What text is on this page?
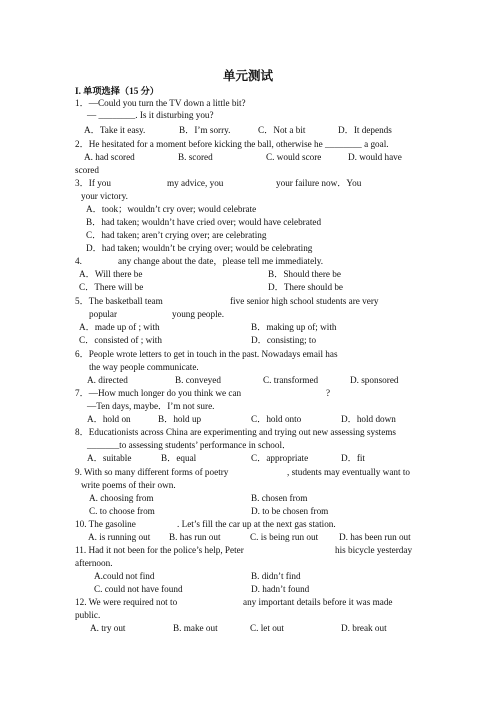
单元测试
I. 单项选择（15 分）
1．—Could you turn the TV down a little bit?
— ________. Is it disturbing you?
A．Take it easy.	B．I’m sorry.	C．Not a bit	D．It depends
2．He hesitated for a moment before kicking the ball, otherwise he ________ a goal.
A. had scored	B. scored	C. would score	D. would have
scored
3．If you	my advice, you	your failure now．You
your victory.
A．took；wouldn’t cry over; would celebrate
B．had taken; wouldn’t have cried over; would have celebrated
C．had taken; aren’t crying over; are celebrating
D．had taken; wouldn’t be crying over; would be celebrating
4.	any change about the date，please tell me immediately.
A．Will there be	B．Should there be
C．There will be	D．There should be
5．The basketball team	five senior high school students are very
popular	young people.
A．made up of ; with	B．making up of; with
C．consisted of ; with	D．consisting; to
6．People wrote letters to get in touch in the past. Nowadays email has
the way people communicate.
A. directed	B. conveyed	C. transformed	D. sponsored
7．—How much longer do you think we can	?
—Ten days, maybe．I’m not sure.
A．hold on	B．hold up	C．hold onto	D．hold down
8．Educationists across China are experimenting and trying out new assessing systems
_______to assessing students’ performance in school．
A．suitable	B．equal	C．appropriate	D．fit
9. With so many different forms of poetry	, students may eventually want to
write poems of their own.
A. choosing from	B. chosen from
C. to choose from	D. to be chosen from
10. The gasoline	. Let’s fill the car up at the next gas station.
A. is running out B. has run out	C. is being run out D. has been run out
11. Had it not been for the police’s help, Peter	his bicycle yesterday
afternoon.
A.could not find	B. didn’t find
C. could not have found	D. hadn’t found
12. We were required not to	any important details before it was made
public.
A. try out	B. make out	C. let out	D. break out
